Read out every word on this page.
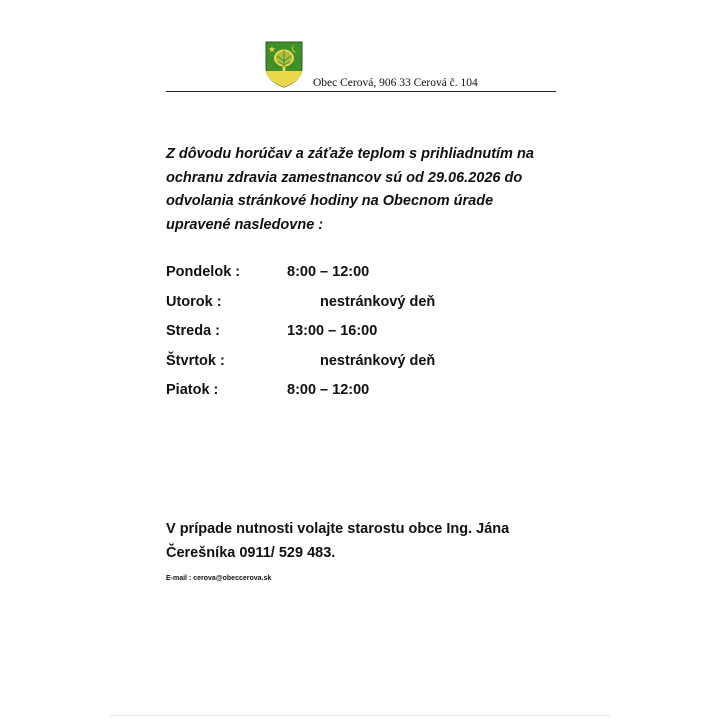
Obec Cerová, 906 33 Cerová č. 104
Z dôvodu horúčav a záťaže teplom s prihliadnutím na
ochranu zdravia zamestnancov sú od 29.06.2026 do
odvolania stránkové hodiny na Obecnom úrade
upravené nasledovne :
Pondelok :	8:00 – 12:00
Utorok :	nestránkový deň
Streda :	13:00 – 16:00
Štvrtok :	nestránkový deň
Piatok :	8:00 – 12:00
V prípade nutnosti volajte starostu obce Ing. Jána
Čerešníka 0911/ 529 483.
E-mail : cerova@obeccerova.sk
